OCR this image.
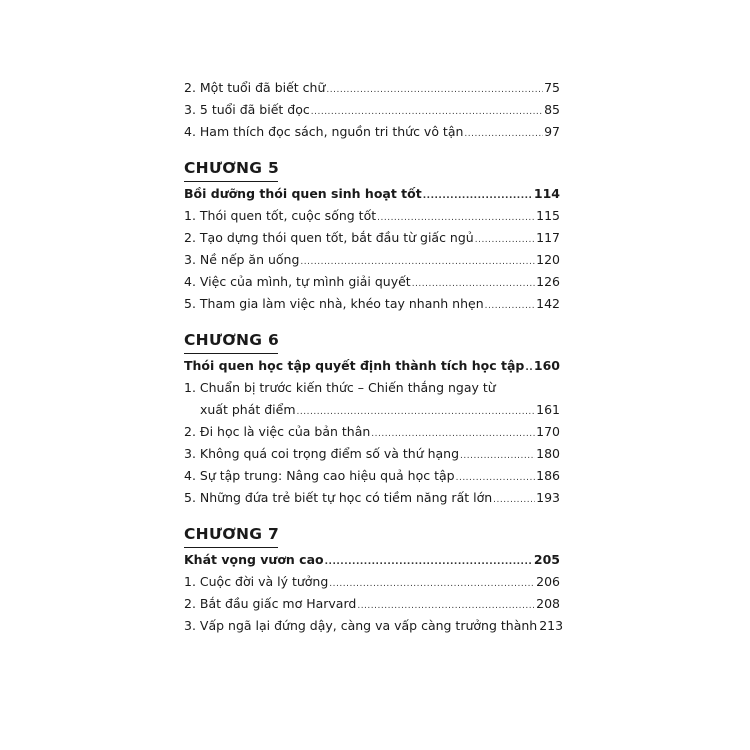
2. Một tuổi đã biết chữ .....	75
3. 5 tuổi đã biết đọc .....	85
4. Ham thích đọc sách, nguồn tri thức vô tận .....	97
CHƯƠNG 5
Bồi dưỡng thói quen sinh hoạt tốt .....	114
1. Thói quen tốt, cuộc sống tốt .....	115
2. Tạo dựng thói quen tốt, bắt đầu từ giấc ngủ .....	117
3. Nề nếp ăn uống .....	120
4. Việc của mình, tự mình giải quyết .....	126
5. Tham gia làm việc nhà, khéo tay nhanh nhẹn .....	142
CHƯƠNG 6
Thói quen học tập quyết định thành tích học tập ..... 160
1. Chuẩn bị trước kiến thức – Chiến thắng ngay từ
xuất phát điểm .....	161
2. Đi học là việc của bản thân .....	170
3. Không quá coi trọng điểm số và thứ hạng .....	180
4. Sự tập trung: Nâng cao hiệu quả học tập .....	186
5. Những đứa trẻ biết tự học có tiềm năng rất lớn .....	193
CHƯƠNG 7
Khát vọng vươn cao .....	205
1. Cuộc đời và lý tưởng .....	206
2. Bắt đầu giấc mơ Harvard .....	208
3. Vấp ngã lại đứng dậy, càng va vấp càng trưởng thành 213
